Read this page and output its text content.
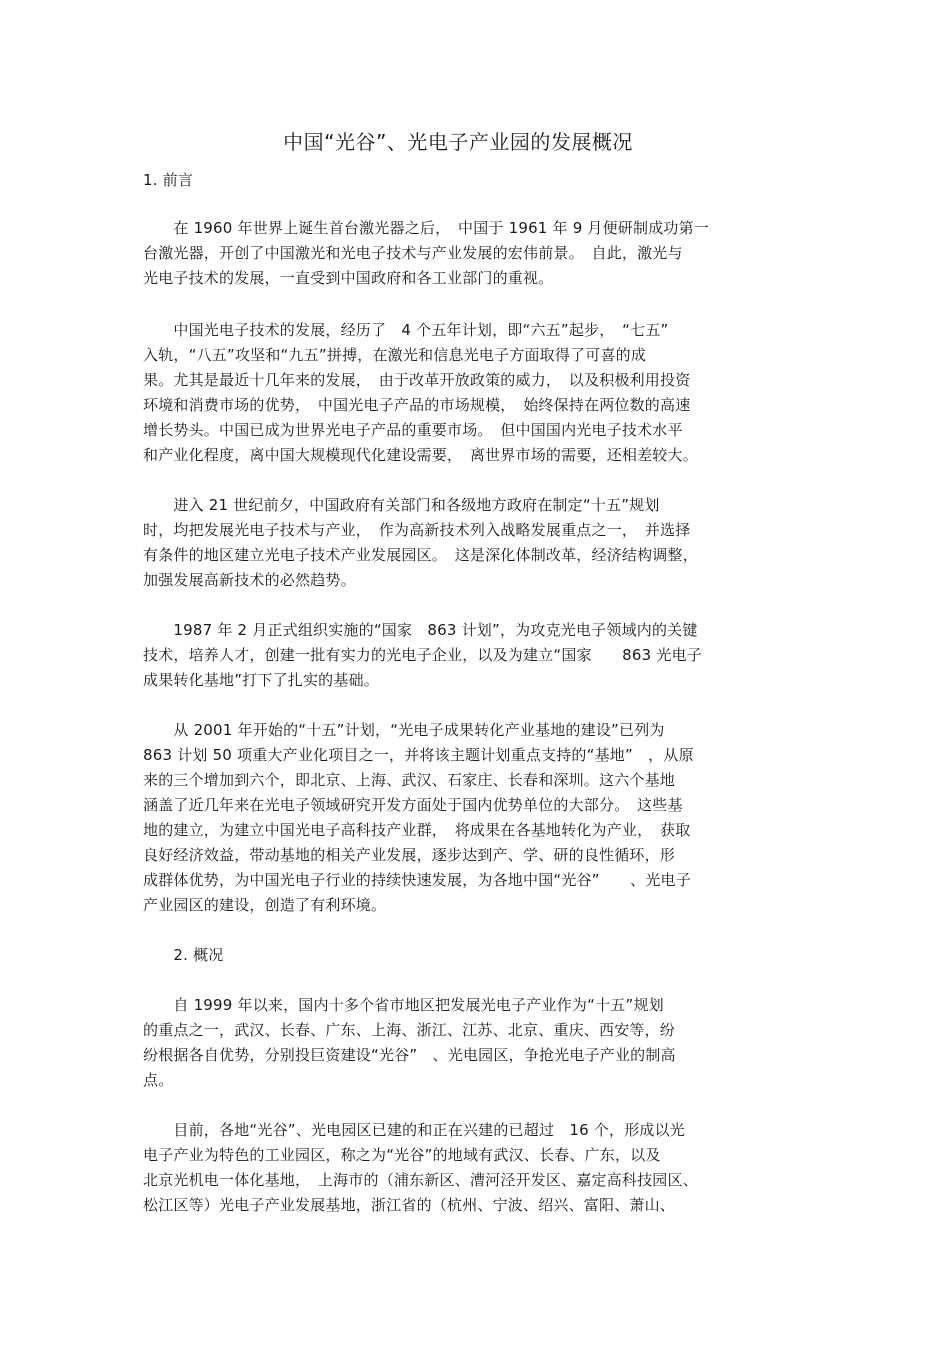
中国“光谷”、光电子产业园的发展概况
1. 前言
　　在 1960 年世界上诞生首台激光器之后，　中国于 1961 年 9 月便研制成功第一
台激光器，开创了中国激光和光电子技术与产业发展的宏伟前景。　自此，激光与
光电子技术的发展，一直受到中国政府和各工业部门的重视。
　　中国光电子技术的发展，经历了　4 个五年计划，即“六五”起步，　“七五”
入轨，“八五”攻坚和“九五”拼搏，在激光和信息光电子方面取得了可喜的成
果。尤其是最近十几年来的发展，　由于改革开放政策的威力，　以及积极利用投资
环境和消费市场的优势，　中国光电子产品的市场规模，　始终保持在两位数的高速
增长势头。中国已成为世界光电子产品的重要市场。　但中国国内光电子技术水平
和产业化程度，离中国大规模现代化建设需要，　离世界市场的需要，还相差较大。
　　进入 21 世纪前夕，中国政府有关部门和各级地方政府在制定“十五”规划
时，均把发展光电子技术与产业，　作为高新技术列入战略发展重点之一，　并选择
有条件的地区建立光电子技术产业发展园区。　这是深化体制改革，经济结构调整，
加强发展高新技术的必然趋势。
　　1987 年 2 月正式组织实施的“国家　863 计划”，为攻克光电子领域内的关键
技术，培养人才，创建一批有实力的光电子企业，以及为建立“国家　　863 光电子
成果转化基地”打下了扎实的基础。
　　从 2001 年开始的“十五”计划，“光电子成果转化产业基地的建设”已列为
863 计划 50 项重大产业化项目之一，并将该主题计划重点支持的“基地”　，从原
来的三个增加到六个，即北京、上海、武汉、石家庄、长春和深圳。这六个基地
涵盖了近几年来在光电子领域研究开发方面处于国内优势单位的大部分。　这些基
地的建立，为建立中国光电子高科技产业群，　将成果在各基地转化为产业，　获取
良好经济效益，带动基地的相关产业发展，逐步达到产、学、研的良性循环，形
成群体优势，为中国光电子行业的持续快速发展，为各地中国“光谷”　　、光电子
产业园区的建设，创造了有利环境。
　　2. 概况
　　自 1999 年以来，国内十多个省市地区把发展光电子产业作为“十五”规划
的重点之一，武汉、长春、广东、上海、浙江、江苏、北京、重庆、西安等，纷
纷根据各自优势，分别投巨资建设“光谷”　、光电园区，争抢光电子产业的制高
点。
　　目前，各地“光谷”、光电园区已建的和正在兴建的已超过　16 个，形成以光
电子产业为特色的工业园区，称之为“光谷”的地域有武汉、长春、广东，以及
北京光机电一体化基地，　上海市的（浦东新区、漕河泾开发区、嘉定高科技园区、
松江区等）光电子产业发展基地，浙江省的（杭州、宁波、绍兴、富阳、萧山、
